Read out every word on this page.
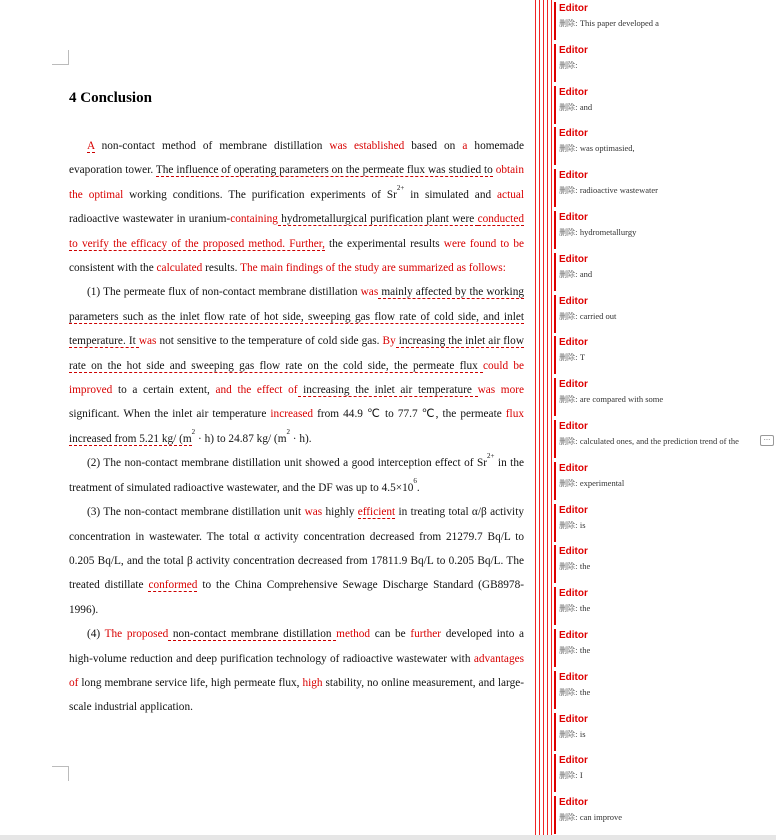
4 Conclusion

A non-contact method of membrane distillation was established based on a homemade evaporation tower. The influence of operating parameters on the permeate flux was studied to obtain the optimal working conditions. The purification experiments of $Sr^{2+}$ in simulated and actual radioactive wastewater in uranium-containing hydrometallurgical purification plant were conducted to verify the efficacy of the proposed method. Further, the experimental results were found to be consistent with the calculated results. The main findings of the study are summarized as follows:

(1) The permeate flux of non-contact membrane distillation was mainly affected by the working parameters such as the inlet flow rate of hot side, sweeping gas flow rate of cold side, and inlet temperature. It was not sensitive to the temperature of cold side gas. By increasing the inlet air flow rate on the hot side and sweeping gas flow rate on the cold side, the permeate flux could be improved to a certain extent, and the effect of increasing the inlet air temperature was more significant. When the inlet air temperature increased from 44.9 ℃ to 77.7 ℃, the permeate flux increased from 5.21 kg/ $(m^2 \cdot h)$ to 24.87 kg/ $(m^2 \cdot h)$.

(2) The non-contact membrane distillation unit showed a good interception effect of $Sr^{2+}$ in the treatment of simulated radioactive wastewater, and the DF was up to $4.5\times 10^6$.

(3) The non-contact membrane distillation unit was highly efficient in treating total α/β activity concentration in wastewater. The total α activity concentration decreased from 21279.7 Bq/L to 0.205 Bq/L, and the total β activity concentration decreased from 17811.9 Bq/L to 0.205 Bq/L. The treated distillate conformed to the China Comprehensive Sewage Discharge Standard (GB8978-1996).

(4) The proposed non-contact membrane distillation method can be further developed into a high-volume reduction and deep purification technology of radioactive wastewater with advantages of long membrane service life, high permeate flux, high stability, no online measurement, and large-scale industrial application.

Editor
删除: This paper developed a
Editor
删除:
Editor
删除: and
Editor
删除: was optimasied,
Editor
删除: radioactive wastewater
Editor
删除: hydrometallurgy
Editor
删除: and
Editor
删除: carried out
Editor
删除: T
Editor
删除: are compared with some
Editor
删除: calculated ones, and the prediction trend of the
Editor
删除: experimental
Editor
删除: is
Editor
删除: the
Editor
删除: the
Editor
删除: the
Editor
删除: the
Editor
删除: is
Editor
删除: I
Editor
删除: can improve
···
